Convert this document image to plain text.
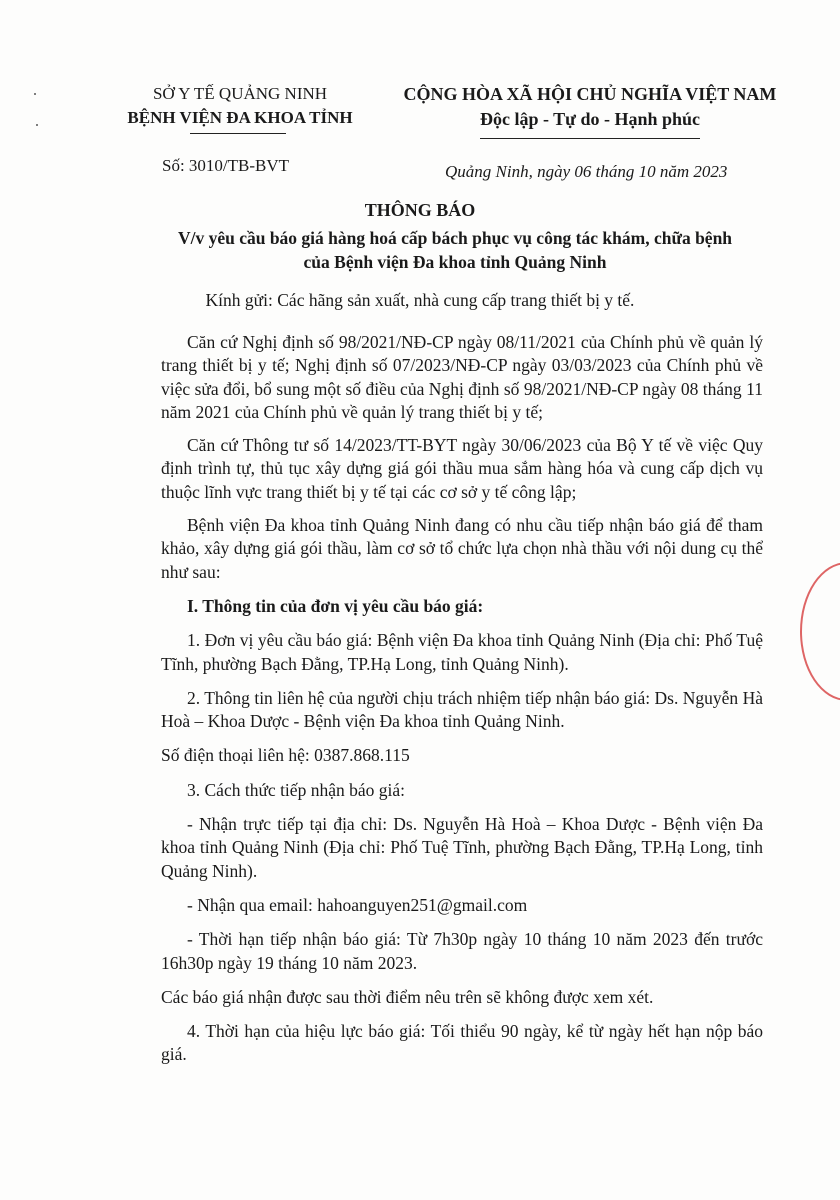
SỞ Y TẾ QUẢNG NINH
BỆNH VIỆN ĐA KHOA TỈNH
CỘNG HÒA XÃ HỘI CHỦ NGHĨA VIỆT NAM
Độc lập - Tự do - Hạnh phúc
Số: 3010/TB-BVT	Quảng Ninh, ngày 06 tháng 10 năm 2023
THÔNG BÁO
V/v yêu cầu báo giá hàng hoá cấp bách phục vụ công tác khám, chữa bệnh
của Bệnh viện Đa khoa tỉnh Quảng Ninh
Kính gửi: Các hãng sản xuất, nhà cung cấp trang thiết bị y tế.

Căn cứ Nghị định số 98/2021/NĐ-CP ngày 08/11/2021 của Chính phủ về quản lý trang thiết bị y tế; Nghị định số 07/2023/NĐ-CP ngày 03/03/2023 của Chính phủ về việc sửa đổi, bổ sung một số điều của Nghị định số 98/2021/NĐ-CP ngày 08 tháng 11 năm 2021 của Chính phủ về quản lý trang thiết bị y tế;

Căn cứ Thông tư số 14/2023/TT-BYT ngày 30/06/2023 của Bộ Y tế về việc Quy định trình tự, thủ tục xây dựng giá gói thầu mua sắm hàng hóa và cung cấp dịch vụ thuộc lĩnh vực trang thiết bị y tế tại các cơ sở y tế công lập;

Bệnh viện Đa khoa tỉnh Quảng Ninh đang có nhu cầu tiếp nhận báo giá để tham khảo, xây dựng giá gói thầu, làm cơ sở tổ chức lựa chọn nhà thầu với nội dung cụ thể như sau:

I. Thông tin của đơn vị yêu cầu báo giá:

1. Đơn vị yêu cầu báo giá: Bệnh viện Đa khoa tỉnh Quảng Ninh (Địa chỉ: Phố Tuệ Tĩnh, phường Bạch Đằng, TP.Hạ Long, tỉnh Quảng Ninh).

2. Thông tin liên hệ của người chịu trách nhiệm tiếp nhận báo giá: Ds. Nguyễn Hà Hoà – Khoa Dược - Bệnh viện Đa khoa tỉnh Quảng Ninh.

Số điện thoại liên hệ: 0387.868.115

3. Cách thức tiếp nhận báo giá:

- Nhận trực tiếp tại địa chỉ: Ds. Nguyễn Hà Hoà – Khoa Dược - Bệnh viện Đa khoa tỉnh Quảng Ninh (Địa chỉ: Phố Tuệ Tĩnh, phường Bạch Đằng, TP.Hạ Long, tỉnh Quảng Ninh).

- Nhận qua email: hahoanguyen251@gmail.com

- Thời hạn tiếp nhận báo giá: Từ 7h30p ngày 10 tháng 10 năm 2023 đến trước 16h30p ngày 19 tháng 10 năm 2023.

Các báo giá nhận được sau thời điểm nêu trên sẽ không được xem xét.

4. Thời hạn của hiệu lực báo giá: Tối thiểu 90 ngày, kể từ ngày hết hạn nộp báo giá.
